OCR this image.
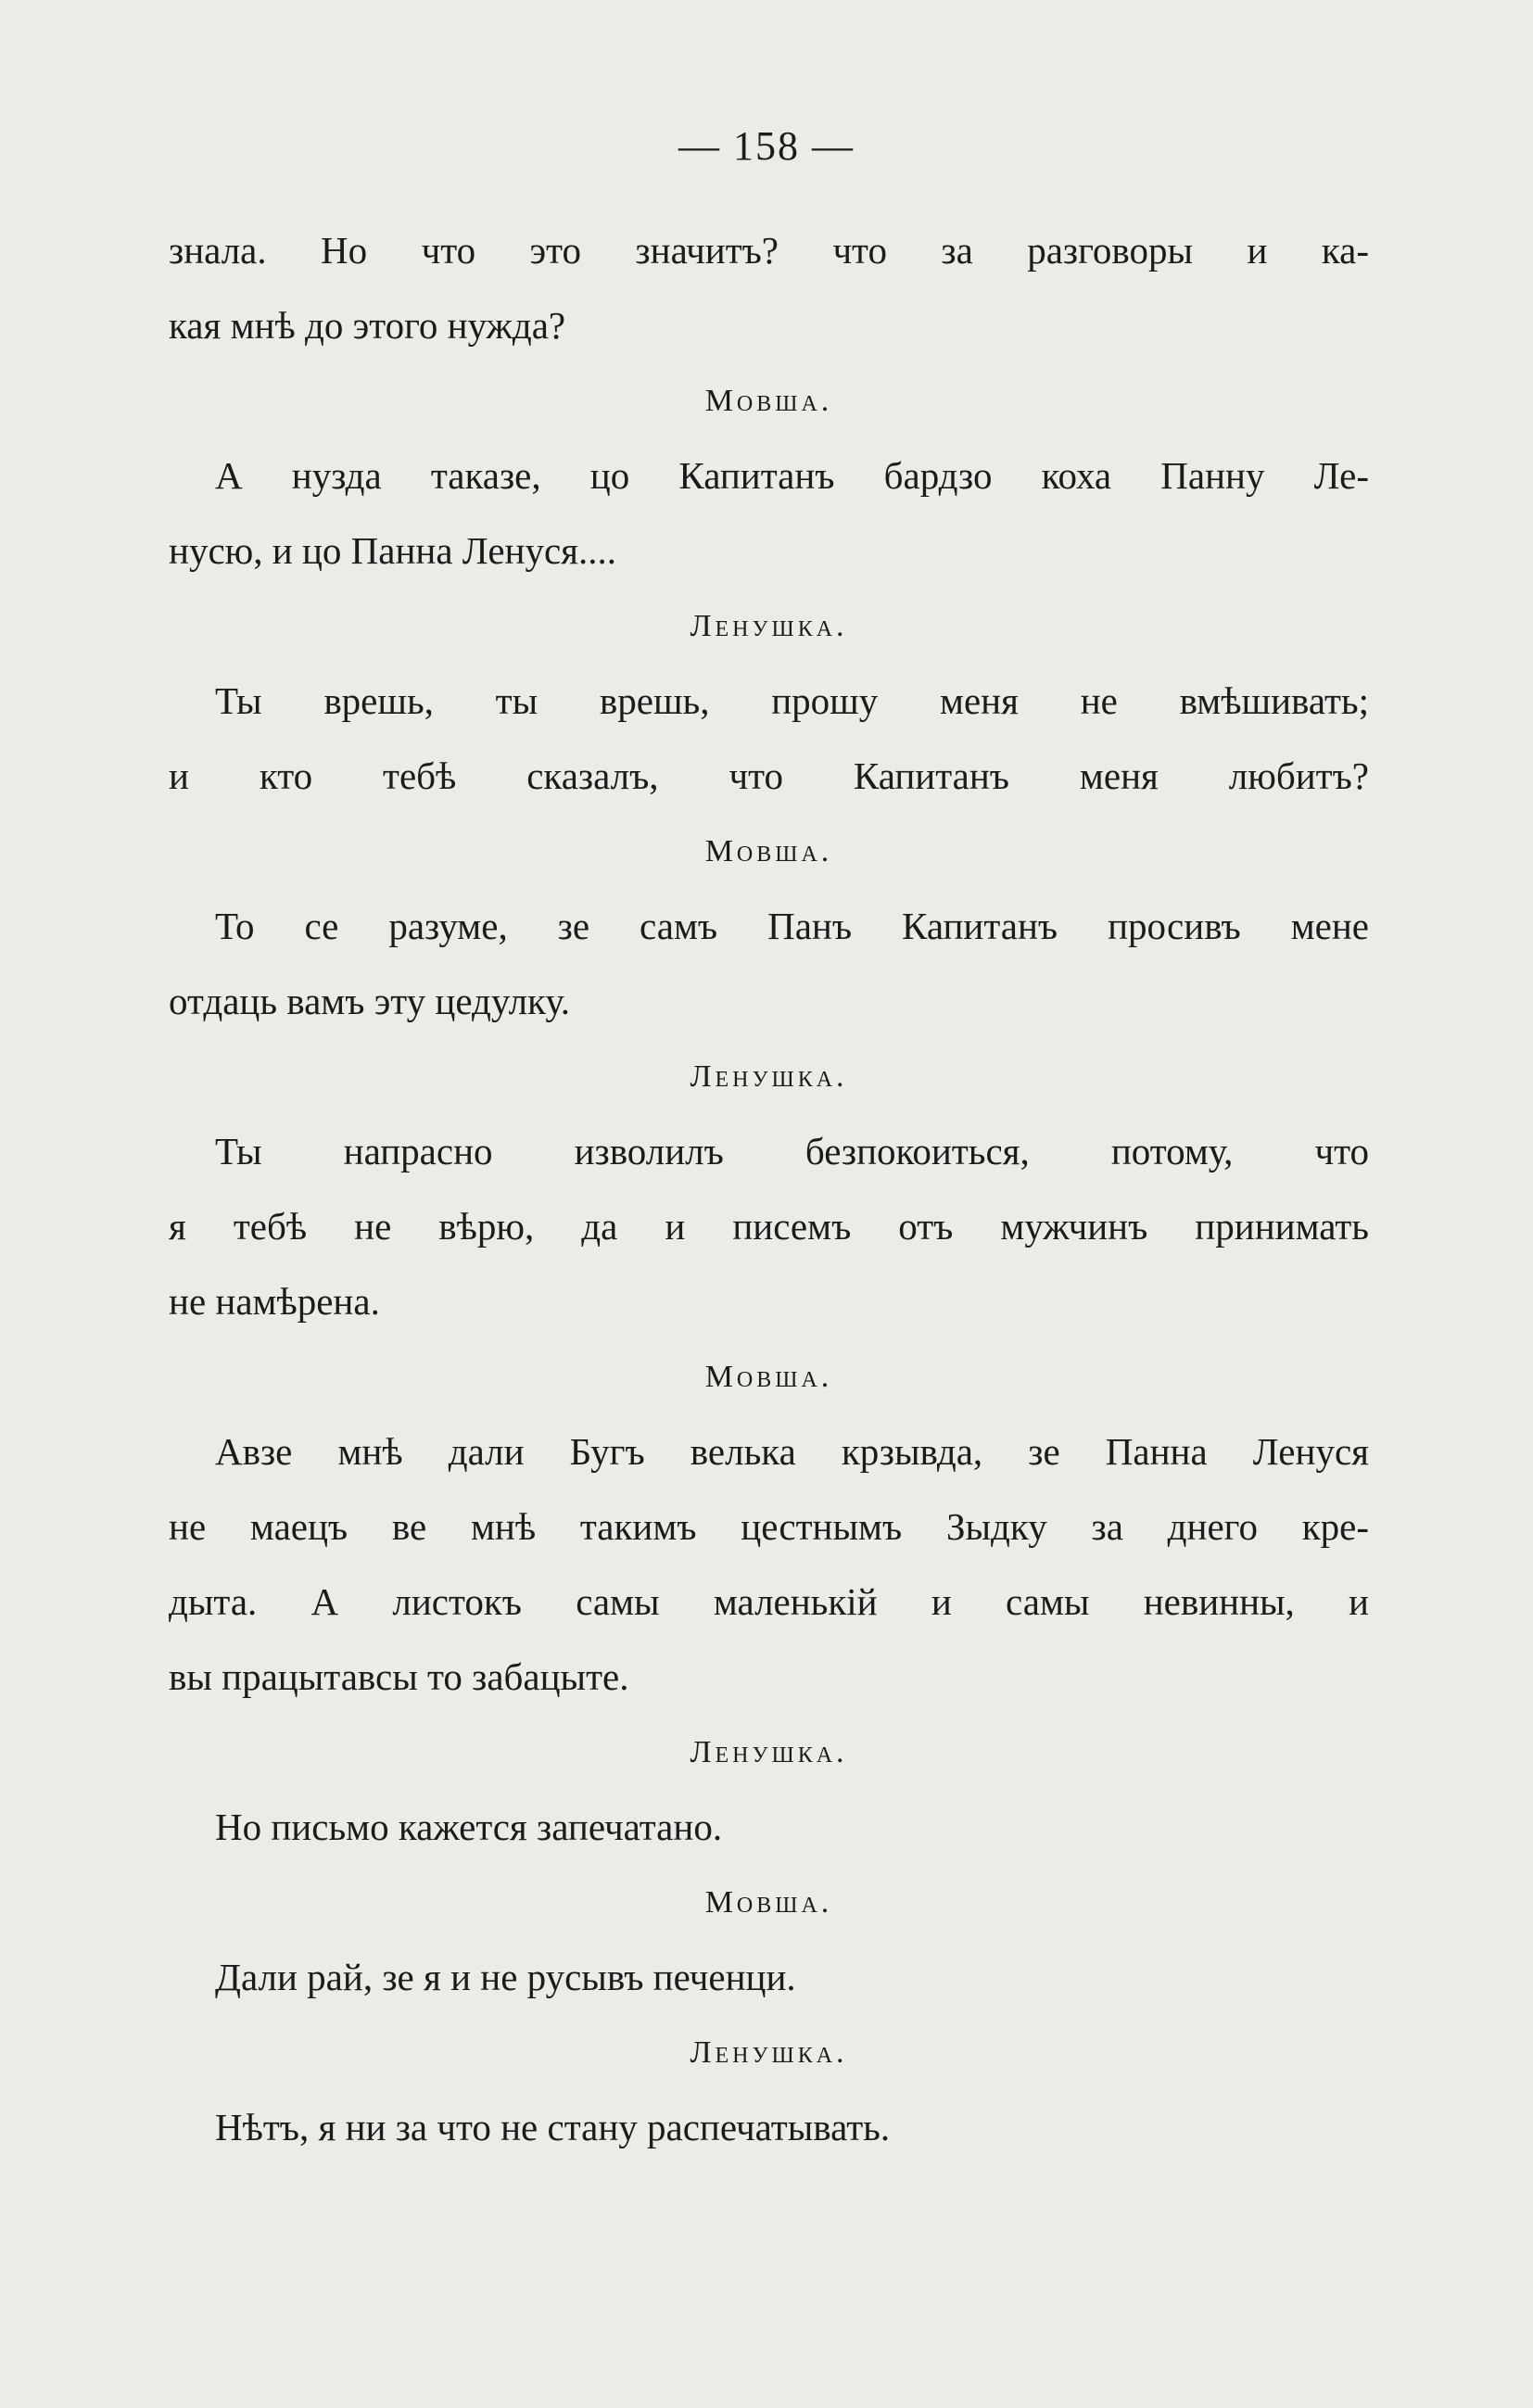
— 158 —
знала. Но что это значитъ? что за разговоры и ка-
кая мнѣ до этого нужда?
Мовша.
А нузда таказе, цо Капитанъ бардзо коха Панну Ле-
нусю, и цо Панна Ленуся....
Ленушка.
Ты врешь, ты врешь, прошу меня не вмѣшивать;
и кто тебѣ сказалъ, что Капитанъ меня любитъ?
Мовша.
То се разуме, зе самъ Панъ Капитанъ просивъ мене
отдаць вамъ эту цедулку.
Ленушка.
Ты напрасно изволилъ безпокоиться, потому, что
я тебѣ не вѣрю, да и писемъ отъ мужчинъ принимать
не намѣрена.
Мовша.
Авзе мнѣ дали Бугъ велька крзывда, зе Панна Ленуся
не маецъ ве мнѣ такимъ цестнымъ Зыдку за днего кре-
дыта. А листокъ самы маленькій и самы невинны, и
вы працытавсы то забацыте.
Ленушка.
Но письмо кажется запечатано.
Мовша.
Дали рай, зе я и не русывъ печенци.
Ленушка.
Нѣтъ, я ни за что не стану распечатывать.
